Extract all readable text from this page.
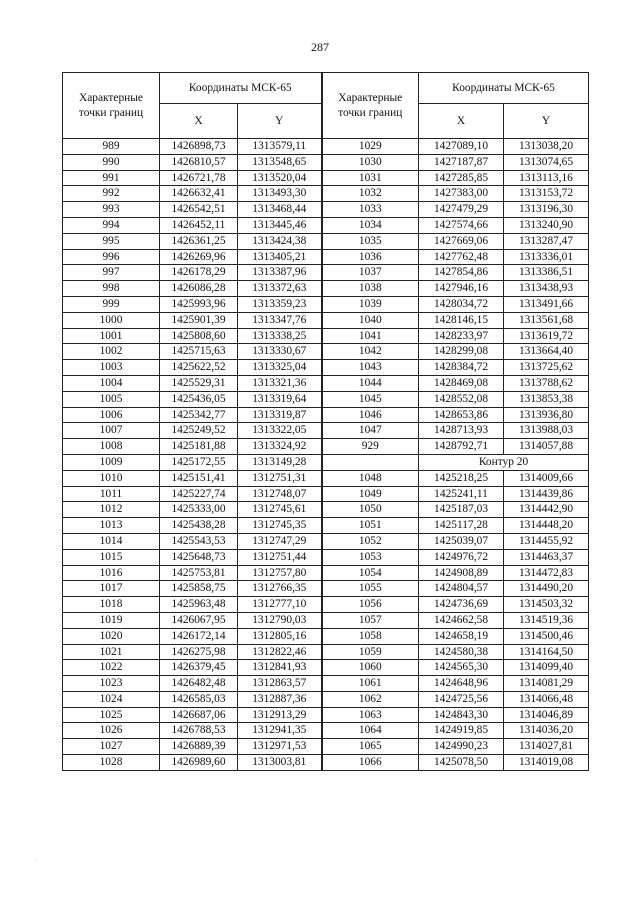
287
Характерные точки границ	Координаты МСК-65		Характерные точки границ	Координаты МСК-65	
	X	Y		X	Y
989	1426898,73	1313579,11	1029	1427089,10	1313038,20
990	1426810,57	1313548,65	1030	1427187,87	1313074,65
991	1426721,78	1313520,04	1031	1427285,85	1313113,16
992	1426632,41	1313493,30	1032	1427383,00	1313153,72
993	1426542,51	1313468,44	1033	1427479,29	1313196,30
994	1426452,11	1313445,46	1034	1427574,66	1313240,90
995	1426361,25	1313424,38	1035	1427669,06	1313287,47
996	1426269,96	1313405,21	1036	1427762,48	1313336,01
997	1426178,29	1313387,96	1037	1427854,86	1313386,51
998	1426086,28	1313372,63	1038	1427946,16	1313438,93
999	1425993,96	1313359,23	1039	1428034,72	1313491,66
1000	1425901,39	1313347,76	1040	1428146,15	1313561,68
1001	1425808,60	1313338,25	1041	1428233,97	1313619,72
1002	1425715,63	1313330,67	1042	1428299,08	1313664,40
1003	1425622,52	1313325,04	1043	1428384,72	1313725,62
1004	1425529,31	1313321,36	1044	1428469,08	1313788,62
1005	1425436,05	1313319,64	1045	1428552,08	1313853,38
1006	1425342,77	1313319,87	1046	1428653,86	1313936,80
1007	1425249,52	1313322,05	1047	1428713,93	1313988,03
1008	1425181,88	1313324,92	929	1428792,71	1314057,88
1009	1425172,55	1313149,28		Контур 20	
1010	1425151,41	1312751,31	1048	1425218,25	1314009,66
1011	1425227,74	1312748,07	1049	1425241,11	1314439,86
1012	1425333,00	1312745,61	1050	1425187,03	1314442,90
1013	1425438,28	1312745,35	1051	1425117,28	1314448,20
1014	1425543,53	1312747,29	1052	1425039,07	1314455,92
1015	1425648,73	1312751,44	1053	1424976,72	1314463,37
1016	1425753,81	1312757,80	1054	1424908,89	1314472,83
1017	1425858,75	1312766,35	1055	1424804,57	1314490,20
1018	1425963,48	1312777,10	1056	1424736,69	1314503,32
1019	1426067,95	1312790,03	1057	1424662,58	1314519,36
1020	1426172,14	1312805,16	1058	1424658,19	1314500,46
1021	1426275,98	1312822,46	1059	1424580,38	1314164,50
1022	1426379,45	1312841,93	1060	1424565,30	1314099,40
1023	1426482,48	1312863,57	1061	1424648,96	1314081,29
1024	1426585,03	1312887,36	1062	1424725,56	1314066,48
1025	1426687,06	1312913,29	1063	1424843,30	1314046,89
1026	1426788,53	1312941,35	1064	1424919,85	1314036,20
1027	1426889,39	1312971,53	1065	1424990,23	1314027,81
1028	1426989,60	1313003,81	1066	1425078,50	1314019,08
·
